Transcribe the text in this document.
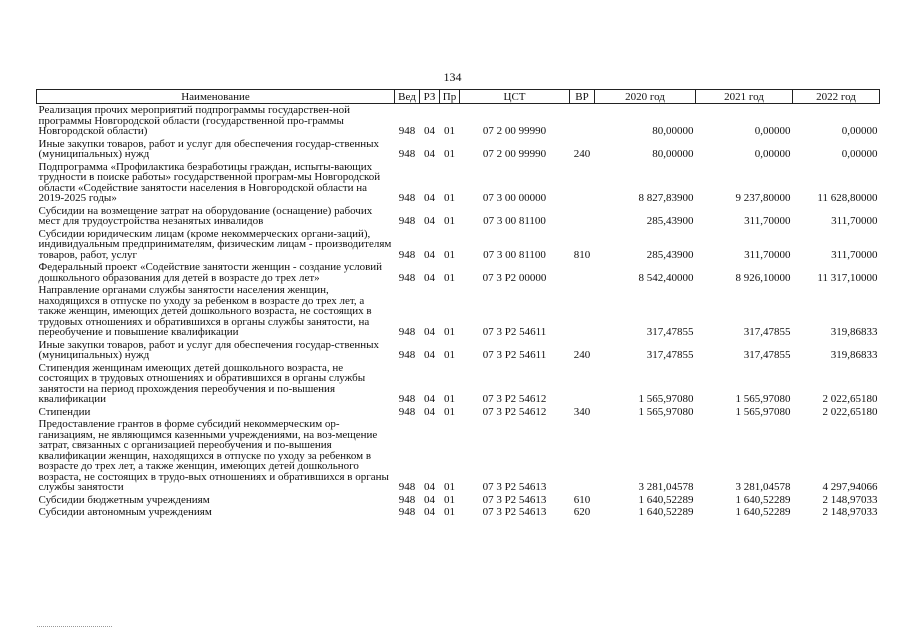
134
Наименование	Вед	РЗ	Пр	ЦСТ	ВР	2020 год	2021 год	2022 год
Реализация прочих мероприятий подпрограммы государствен-ной программы Новгородской области (государственной про-граммы Новгородской области)	948	04	01	07 2 00 99990		80,00000	0,00000	0,00000
Иные закупки товаров, работ и услуг для обеспечения государ-ственных (муниципальных) нужд	948	04	01	07 2 00 99990	240	80,00000	0,00000	0,00000
Подпрограмма «Профилактика безработицы граждан, испыты-вающих трудности в поиске работы» государственной програм-мы Новгородской области «Содействие занятости населения в Новгородской области на 2019-2025 годы»	948	04	01	07 3 00 00000		8 827,83900	9 237,80000	11 628,80000
Субсидии на возмещение затрат на оборудование (оснащение) рабочих мест для трудоустройства незанятых инвалидов	948	04	01	07 3 00 81100		285,43900	311,70000	311,70000
Субсидии юридическим лицам (кроме некоммерческих органи-заций), индивидуальным предпринимателям, физическим лицам - производителям товаров, работ, услуг	948	04	01	07 3 00 81100	810	285,43900	311,70000	311,70000
Федеральный проект «Содействие занятости женщин - создание условий дошкольного образования для детей в возрасте до трех лет»	948	04	01	07 3 P2 00000		8 542,40000	8 926,10000	11 317,10000
Направление органами службы занятости населения женщин, находящихся в отпуске по уходу за ребенком в возрасте до трех лет, а также женщин, имеющих детей дошкольного возраста, не состоящих в трудовых отношениях и обратившихся в органы службы занятости, на переобучение и повышение квалификации	948	04	01	07 3 P2 54611		317,47855	317,47855	319,86833
Иные закупки товаров, работ и услуг для обеспечения государ-ственных (муниципальных) нужд	948	04	01	07 3 P2 54611	240	317,47855	317,47855	319,86833
Стипендия женщинам имеющих детей дошкольного возраста, не состоящих в трудовых отношениях и обратившихся в органы службы занятости на период прохождения переобучения и по-вышения квалификации	948	04	01	07 3 P2 54612		1 565,97080	1 565,97080	2 022,65180
Стипендии	948	04	01	07 3 P2 54612	340	1 565,97080	1 565,97080	2 022,65180
Предоставление грантов в форме субсидий некоммерческим ор-ганизациям, не являющимся казенными учреждениями, на воз-мещение затрат, связанных с организацией переобучения и по-вышения квалификации женщин, находящихся в отпуске по уходу за ребенком в возрасте до трех лет, а также женщин, имеющих детей дошкольного возраста, не состоящих в трудо-вых отношениях и обратившихся в органы службы занятости	948	04	01	07 3 P2 54613		3 281,04578	3 281,04578	4 297,94066
Субсидии бюджетным учреждениям	948	04	01	07 3 P2 54613	610	1 640,52289	1 640,52289	2 148,97033
Субсидии автономным учреждениям	948	04	01	07 3 P2 54613	620	1 640,52289	1 640,52289	2 148,97033
